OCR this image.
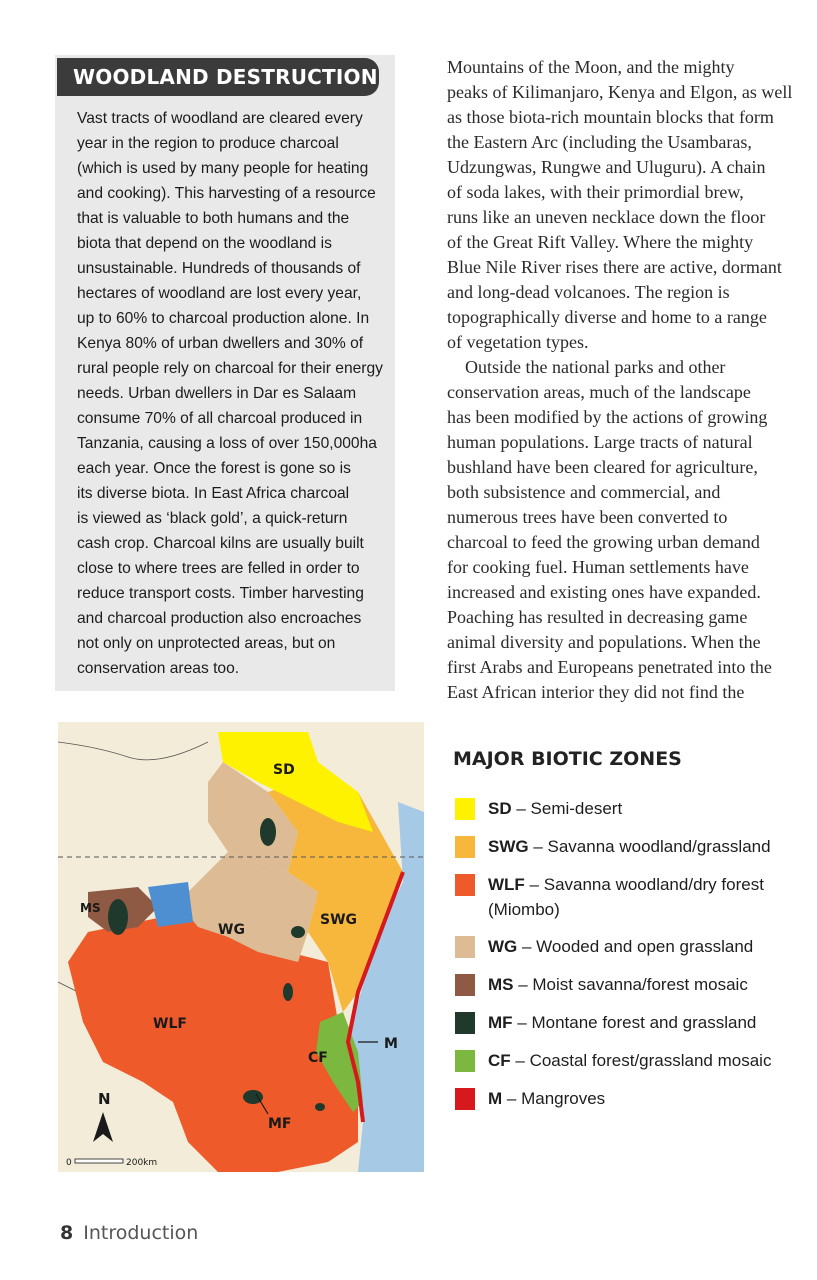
WOODLAND DESTRUCTION
Vast tracts of woodland are cleared every
year in the region to produce charcoal
(which is used by many people for heating
and cooking). This harvesting of a resource
that is valuable to both humans and the
biota that depend on the woodland is
unsustainable. Hundreds of thousands of
hectares of woodland are lost every year,
up to 60% to charcoal production alone. In
Kenya 80% of urban dwellers and 30% of
rural people rely on charcoal for their energy
needs. Urban dwellers in Dar es Salaam
consume 70% of all charcoal produced in
Tanzania, causing a loss of over 150,000ha
each year. Once the forest is gone so is
its diverse biota. In East Africa charcoal
is viewed as ‘black gold’, a quick-return
cash crop. Charcoal kilns are usually built
close to where trees are felled in order to
reduce transport costs. Timber harvesting
and charcoal production also encroaches
not only on unprotected areas, but on
conservation areas too.
Mountains of the Moon, and the mighty
peaks of Kilimanjaro, Kenya and Elgon, as well
as those biota-rich mountain blocks that form
the Eastern Arc (including the Usambaras,
Udzungwas, Rungwe and Uluguru). A chain
of soda lakes, with their primordial brew,
runs like an uneven necklace down the floor
of the Great Rift Valley. Where the mighty
Blue Nile River rises there are active, dormant
and long-dead volcanoes. The region is
topographically diverse and home to a range
of vegetation types.
Outside the national parks and other
conservation areas, much of the landscape
has been modified by the actions of growing
human populations. Large tracts of natural
bushland have been cleared for agriculture,
both subsistence and commercial, and
numerous trees have been converted to
charcoal to feed the growing urban demand
for cooking fuel. Human settlements have
increased and existing ones have expanded.
Poaching has resulted in decreasing game
animal diversity and populations. When the
first Arabs and Europeans penetrated into the
East African interior they did not find the
SD
SWG
MS
WG
WLF
CF
M
MF
N
0	200km
MAJOR BIOTIC ZONES
SD – Semi-desert
SWG – Savanna woodland/grassland
WLF – Savanna woodland/dry forest
(Miombo)
WG – Wooded and open grassland
MS – Moist savanna/forest mosaic
MF – Montane forest and grassland
CF – Coastal forest/grassland mosaic
M – Mangroves
8 Introduction
